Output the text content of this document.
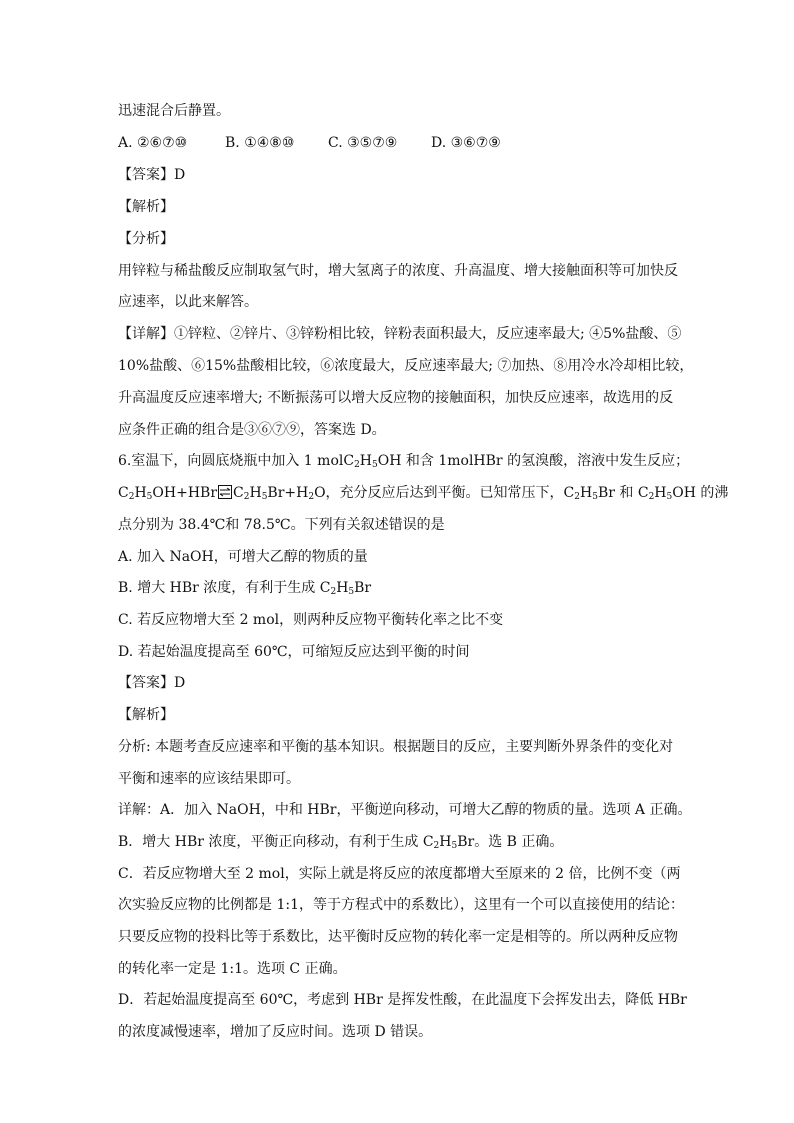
迅速混合后静置。
A. ②⑥⑦⑩	B. ①④⑧⑩ C. ③⑤⑦⑨ D. ③⑥⑦⑨
【答案】D
【解析】
【分析】
用锌粒与稀盐酸反应制取氢气时，增大氢离子的浓度、升高温度、增大接触面积等可加快反
应速率，以此来解答。
【详解】①锌粒、②锌片、③锌粉相比较，锌粉表面积最大，反应速率最大; ④5%盐酸、⑤
10%盐酸、⑥15%盐酸相比较，⑥浓度最大，反应速率最大; ⑦加热、⑧用冷水冷却相比较，
升高温度反应速率增大; 不断振荡可以增大反应物的接触面积，加快反应速率，故选用的反
应条件正确的组合是③⑥⑦⑨，答案选 D。
6.室温下，向圆底烧瓶中加入 1 $molC_2H_5OH$ 和含 1molHBr 的氢溴酸，溶液中发生反应；
$C_2H_5OH+HBr$ $C_2H_5Br+H_2O$，充分反应后达到平衡。已知常压下，$C_2H_5Br$ 和 $C_2H_5OH$ 的沸
点分别为 38.4℃和 78.5℃。下列有关叙述错误的是
A. 加入 NaOH，可增大乙醇的物质的量
B. 增大 HBr 浓度，有利于生成 $C_2H_5Br$
C. 若反应物增大至 2 mol，则两种反应物平衡转化率之比不变
D. 若起始温度提高至 60℃，可缩短反应达到平衡的时间
【答案】D
【解析】
分析: 本题考查反应速率和平衡的基本知识。根据题目的反应，主要判断外界条件的变化对
平衡和速率的应该结果即可。
详解：A．加入 NaOH，中和 HBr，平衡逆向移动，可增大乙醇的物质的量。选项 A 正确。
B．增大 HBr 浓度，平衡正向移动，有利于生成 $C_2H_5Br$。选 B 正确。
C．若反应物增大至 2 mol，实际上就是将反应的浓度都增大至原来的 2 倍，比例不变（两
次实验反应物的比例都是 1:1，等于方程式中的系数比），这里有一个可以直接使用的结论：
只要反应物的投料比等于系数比，达平衡时反应物的转化率一定是相等的。所以两种反应物
的转化率一定是 1:1。选项 C 正确。
D．若起始温度提高至 60℃，考虑到 HBr 是挥发性酸，在此温度下会挥发出去，降低 HBr
的浓度减慢速率，增加了反应时间。选项 D 错误。
